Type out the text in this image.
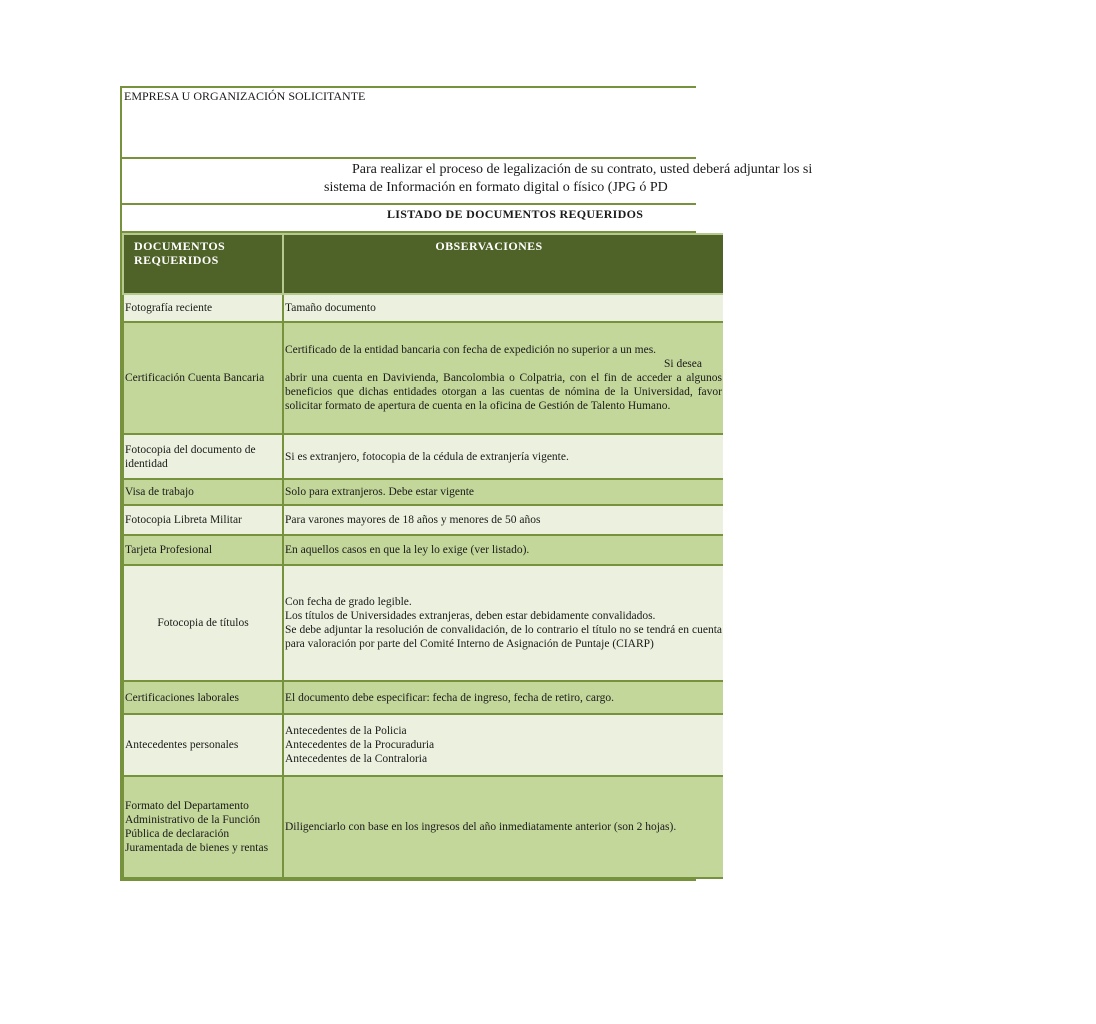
EMPRESA U ORGANIZACIÓN SOLICITANTE
Para realizar el proceso de legalización de su contrato, usted deberá adjuntar los si
sistema de Información en formato digital o físico (JPG ó PD
LISTADO DE DOCUMENTOS REQUERIDOS
DOCUMENTOS REQUERIDOS	OBSERVACIONES
Fotografía reciente	Tamaño documento
Certificación Cuenta Bancaria	Certificado de la entidad bancaria con fecha de expedición no superior a un mes.
Si desea
abrir una cuenta en Davivienda, Bancolombia o Colpatria, con el fin de acceder a algunos beneficios que dichas entidades otorgan a las cuentas de nómina de la Universidad, favor solicitar formato de apertura de cuenta en la oficina de Gestión de Talento Humano.

Fotocopia del documento de identidad	Si es extranjero, fotocopia de la cédula de extranjería vigente.
Visa de trabajo	Solo para extranjeros. Debe estar vigente
Fotocopia Libreta Militar	Para varones mayores de 18 años y menores de 50 años
Tarjeta Profesional	En aquellos casos en que la ley lo exige (ver listado).
Fotocopia de títulos	Con fecha de grado legible.
Los títulos de Universidades extranjeras, deben estar debidamente convalidados.
Se debe adjuntar la resolución de convalidación, de lo contrario el título no se tendrá en cuenta para valoración por parte del Comité Interno de Asignación de Puntaje (CIARP)

Certificaciones laborales	El documento debe especificar: fecha de ingreso, fecha de retiro, cargo.
Antecedentes personales	Antecedentes de la Policia
Antecedentes de la Procuraduria
Antecedentes de la Contraloria

Formato del Departamento Administrativo de la Función Pública de declaración Juramentada de bienes y rentas	Diligenciarlo con base en los ingresos del año inmediatamente anterior (son 2 hojas).
